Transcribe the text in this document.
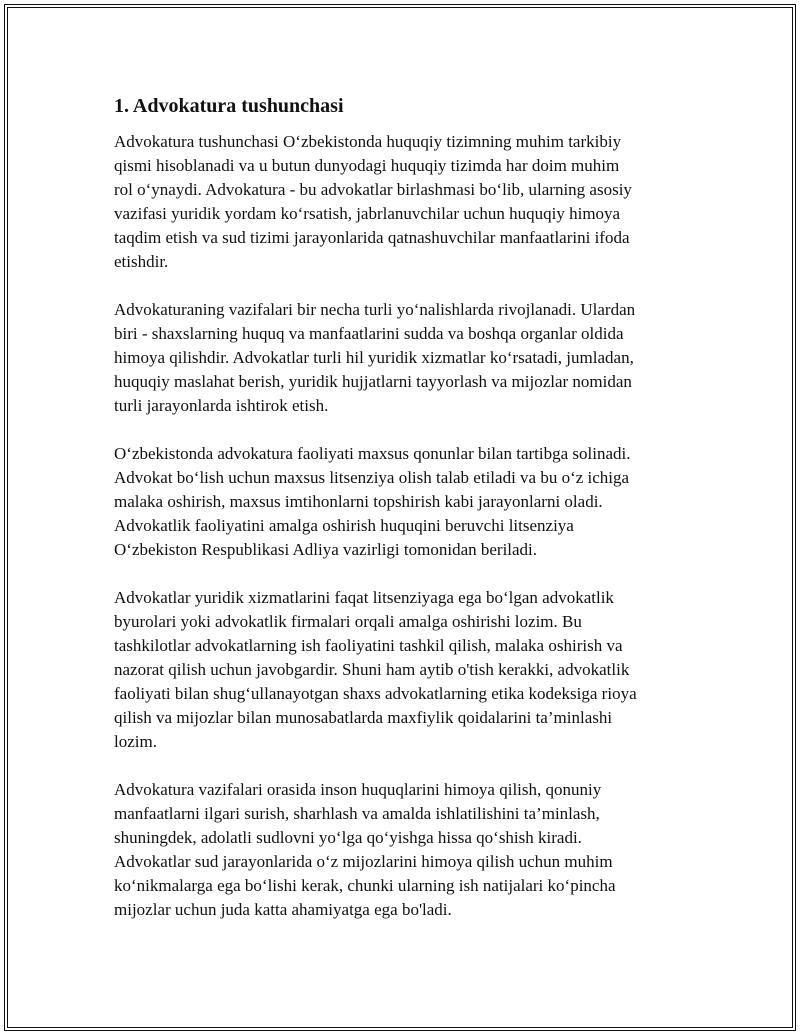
1. Advokatura tushunchasi

Advokatura tushunchasi O‘zbekistonda huquqiy tizimning muhim tarkibiy
qismi hisoblanadi va u butun dunyodagi huquqiy tizimda har doim muhim
rol o‘ynaydi. Advokatura - bu advokatlar birlashmasi bo‘lib, ularning asosiy
vazifasi yuridik yordam ko‘rsatish, jabrlanuvchilar uchun huquqiy himoya
taqdim etish va sud tizimi jarayonlarida qatnashuvchilar manfaatlarini ifoda
etishdir.

Advokaturaning vazifalari bir necha turli yo‘nalishlarda rivojlanadi. Ulardan
biri - shaxslarning huquq va manfaatlarini sudda va boshqa organlar oldida
himoya qilishdir. Advokatlar turli hil yuridik xizmatlar ko‘rsatadi, jumladan,
huquqiy maslahat berish, yuridik hujjatlarni tayyorlash va mijozlar nomidan
turli jarayonlarda ishtirok etish.

O‘zbekistonda advokatura faoliyati maxsus qonunlar bilan tartibga solinadi.
Advokat bo‘lish uchun maxsus litsenziya olish talab etiladi va bu o‘z ichiga
malaka oshirish, maxsus imtihonlarni topshirish kabi jarayonlarni oladi.
Advokatlik faoliyatini amalga oshirish huquqini beruvchi litsenziya
O‘zbekiston Respublikasi Adliya vazirligi tomonidan beriladi.

Advokatlar yuridik xizmatlarini faqat litsenziyaga ega bo‘lgan advokatlik
byurolari yoki advokatlik firmalari orqali amalga oshirishi lozim. Bu
tashkilotlar advokatlarning ish faoliyatini tashkil qilish, malaka oshirish va
nazorat qilish uchun javobgardir. Shuni ham aytib o'tish kerakki, advokatlik
faoliyati bilan shug‘ullanayotgan shaxs advokatlarning etika kodeksiga rioya
qilish va mijozlar bilan munosabatlarda maxfiylik qoidalarini ta’minlashi
lozim.

Advokatura vazifalari orasida inson huquqlarini himoya qilish, qonuniy
manfaatlarni ilgari surish, sharhlash va amalda ishlatilishini ta’minlash,
shuningdek, adolatli sudlovni yo‘lga qo‘yishga hissa qo‘shish kiradi.
Advokatlar sud jarayonlarida o‘z mijozlarini himoya qilish uchun muhim
ko‘nikmalarga ega bo‘lishi kerak, chunki ularning ish natijalari ko‘pincha
mijozlar uchun juda katta ahamiyatga ega bo'ladi.
